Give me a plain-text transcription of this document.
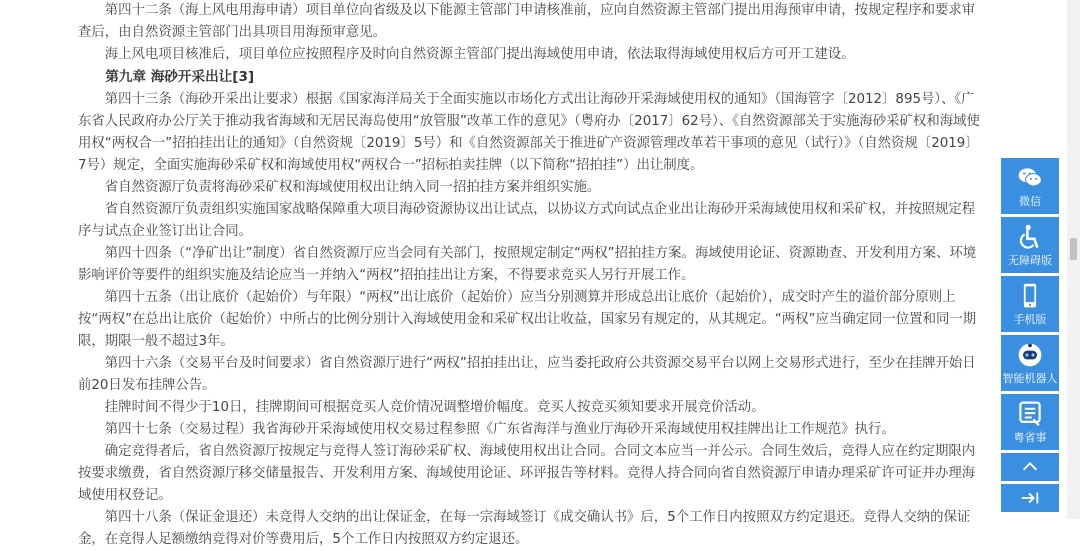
第四十二条（海上风电用海申请）项目单位向省级及以下能源主管部门申请核准前，应向自然资源主管部门提出用海预审申请，按规定程序和要求审查后，由自然资源主管部门出具项目用海预审意见。

海上风电项目核准后，项目单位应按照程序及时向自然资源主管部门提出海域使用申请，依法取得海域使用权后方可开工建设。

第九章 海砂开采出让[3]

第四十三条（海砂开采出让要求）根据《国家海洋局关于全面实施以市场化方式出让海砂开采海域使用权的通知》（国海管字〔2012〕895号）、《广东省人民政府办公厅关于推动我省海域和无居民海岛使用“放管服”改革工作的意见》（粤府办〔2017〕62号）、《自然资源部关于实施海砂采矿权和海域使用权“两权合一”招拍挂出让的通知》（自然资规〔2019〕5号）和《自然资源部关于推进矿产资源管理改革若干事项的意见（试行）》（自然资规〔2019〕7号）规定，全面实施海砂采矿权和海域使用权“两权合一”招标拍卖挂牌（以下简称“招拍挂”）出让制度。

省自然资源厅负责将海砂采矿权和海域使用权出让纳入同一招拍挂方案并组织实施。

省自然资源厅负责组织实施国家战略保障重大项目海砂资源协议出让试点，以协议方式向试点企业出让海砂开采海域使用权和采矿权，并按照规定程序与试点企业签订出让合同。

第四十四条（“净矿出让”制度）省自然资源厅应当会同有关部门，按照规定制定“两权”招拍挂方案。海域使用论证、资源勘查、开发利用方案、环境影响评价等要件的组织实施及结论应当一并纳入“两权”招拍挂出让方案，不得要求竞买人另行开展工作。

第四十五条（出让底价（起始价）与年限）“两权”出让底价（起始价）应当分别测算并形成总出让底价（起始价），成交时产生的溢价部分原则上按“两权”在总出让底价（起始价）中所占的比例分别计入海域使用金和采矿权出让收益，国家另有规定的，从其规定。“两权”应当确定同一位置和同一期限，期限一般不超过3年。

第四十六条（交易平台及时间要求）省自然资源厅进行“两权”招拍挂出让，应当委托政府公共资源交易平台以网上交易形式进行，至少在挂牌开始日前20日发布挂牌公告。

挂牌时间不得少于10日，挂牌期间可根据竞买人竞价情况调整增价幅度。竞买人按竞买须知要求开展竞价活动。

第四十七条（交易过程）我省海砂开采海域使用权交易过程参照《广东省海洋与渔业厅海砂开采海域使用权挂牌出让工作规范》执行。

确定竞得者后，省自然资源厅按规定与竞得人签订海砂采矿权、海域使用权出让合同。合同文本应当一并公示。合同生效后，竞得人应在约定期限内按要求缴费，省自然资源厅移交储量报告、开发利用方案、海域使用论证、环评报告等材料。竞得人持合同向省自然资源厅申请办理采矿许可证并办理海域使用权登记。

第四十八条（保证金退还）未竞得人交纳的出让保证金，在每一宗海域签订《成交确认书》后，5个工作日内按照双方约定退还。竞得人交纳的保证金，在竞得人足额缴纳竞得对价等费用后，5个工作日内按照双方约定退还。

微信
无障碍版
手机版
智能机器人
粤省事
